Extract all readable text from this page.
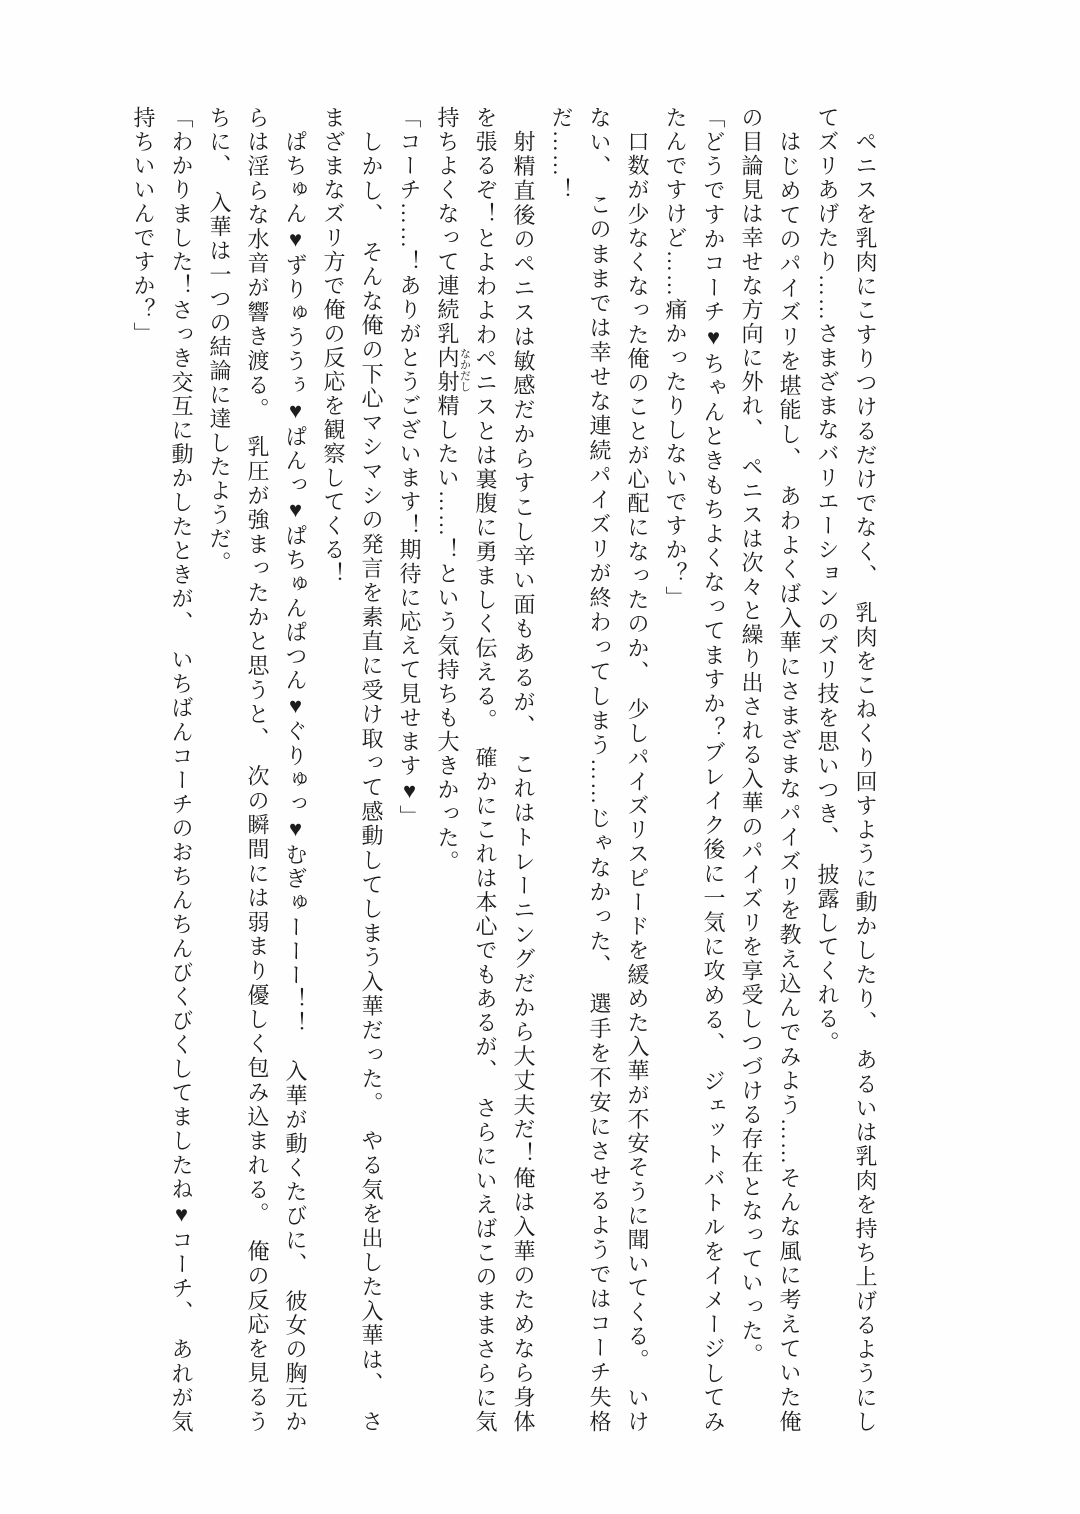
　ペニスを乳肉にこすりつけるだけでなく、　乳肉をこねくり回すように動かしたり、　あるいは乳肉を持ち上げるようにしてズリあげたり……さまざまなバリエーションのズリ技を思いつき、　披露してくれる。

　はじめてのパイズリを堪能し、　あわよくば入華にさまざまなパイズリを教え込んでみよう……そんな風に考えていた俺の目論見は幸せな方向に外れ、　ペニスは次々と繰り出される入華のパイズリを享受しつづける存在となっていった。

「どうですかコーチ♥ちゃんときもちよくなってますか？ブレイク後に一気に攻める、　ジェットバトルをイメージしてみたんですけど……痛かったりしないですか？」

　口数が少なくなった俺のことが心配になったのか、　少しパイズリスピードを緩めた入華が不安そうに聞いてくる。　いけない、　このままでは幸せな連続パイズリが終わってしまう……じゃなかった、　選手を不安にさせるようではコーチ失格だ……！

　射精直後のペニスは敏感だからすこし辛い面もあるが、　これはトレーニングだから大丈夫だ！俺は入華のためなら身体を張るぞ！とよわよわペニスとは裏腹に勇ましく伝える。　確かにこれは本心でもあるが、　さらにいえばこのままさらに気持ちよくなって連続乳内射精なかだししたい……！という気持ちも大きかった。

「コーチ……！ありがとうございます！期待に応えて見せます♥」

　しかし、　そんな俺の下心マシマシの発言を素直に受け取って感動してしまう入華だった。　やる気を出した入華は、　さまざまなズリ方で俺の反応を観察してくる！

　ぱちゅん♥ずりゅううぅ♥ぱんっ♥ぱちゅんぱつん♥ぐりゅっ♥むぎゅーーー！！　入華が動くたびに、　彼女の胸元からは淫らな水音が響き渡る。　乳圧が強まったかと思うと、　次の瞬間には弱まり優しく包み込まれる。　俺の反応を見るうちに、　入華は一つの結論に達したようだ。

「わかりました！さっき交互に動かしたときが、　いちばんコーチのおちんちんびくびくしてましたね♥コーチ、　あれが気持ちいいんですか？」
